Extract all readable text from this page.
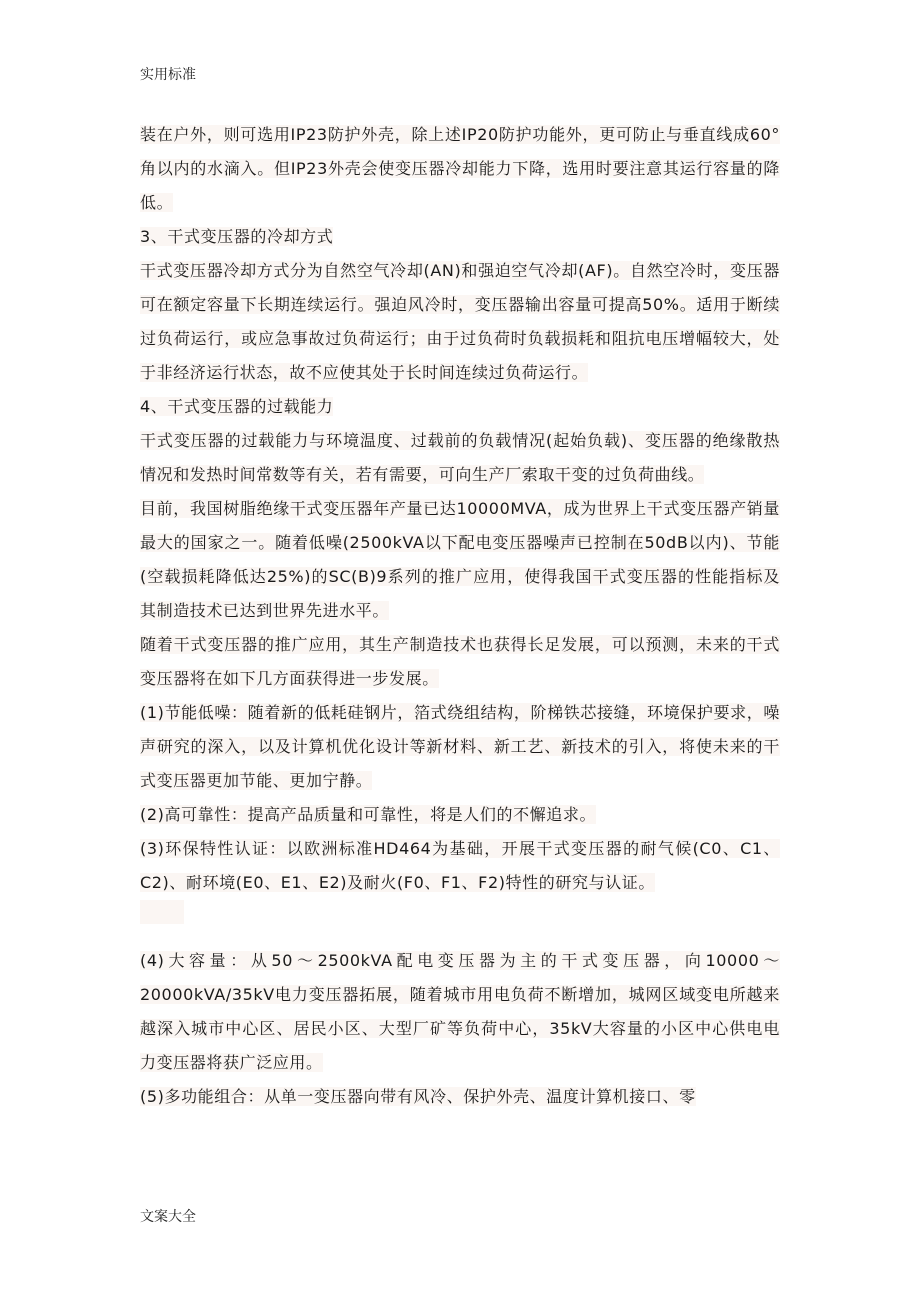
实用标准

装在户外，则可选用IP23防护外壳，除上述IP20防护功能外，更可防止与垂直线成60°角以内的水滴入。但IP23外壳会使变压器冷却能力下降，选用时要注意其运行容量的降低。

3、干式变压器的冷却方式

干式变压器冷却方式分为自然空气冷却(AN)和强迫空气冷却(AF)。自然空冷时，变压器可在额定容量下长期连续运行。强迫风冷时，变压器输出容量可提高50%。适用于断续过负荷运行，或应急事故过负荷运行；由于过负荷时负载损耗和阻抗电压增幅较大，处于非经济运行状态，故不应使其处于长时间连续过负荷运行。

4、干式变压器的过载能力

干式变压器的过载能力与环境温度、过载前的负载情况(起始负载)、变压器的绝缘散热情况和发热时间常数等有关，若有需要，可向生产厂索取干变的过负荷曲线。

目前，我国树脂绝缘干式变压器年产量已达10000MVA，成为世界上干式变压器产销量最大的国家之一。随着低噪(2500kVA以下配电变压器噪声已控制在50dB以内)、节能(空载损耗降低达25%)的SC(B)9系列的推广应用，使得我国干式变压器的性能指标及其制造技术已达到世界先进水平。

随着干式变压器的推广应用，其生产制造技术也获得长足发展，可以预测，未来的干式变压器将在如下几方面获得进一步发展。

(1)节能低噪：随着新的低耗硅钢片，箔式绕组结构，阶梯铁芯接缝，环境保护要求，噪声研究的深入，以及计算机优化设计等新材料、新工艺、新技术的引入，将使未来的干式变压器更加节能、更加宁静。

(2)高可靠性：提高产品质量和可靠性，将是人们的不懈追求。

(3)环保特性认证：以欧洲标准HD464为基础，开展干式变压器的耐气候(C0、C1、C2)、耐环境(E0、E1、E2)及耐火(F0、F1、F2)特性的研究与认证。

(4)大容量：从50～2500kVA配电变压器为主的干式变压器，向10000～20000kVA/35kV电力变压器拓展，随着城市用电负荷不断增加，城网区域变电所越来越深入城市中心区、居民小区、大型厂矿等负荷中心，35kV大容量的小区中心供电电力变压器将获广泛应用。

(5)多功能组合：从单一变压器向带有风冷、保护外壳、温度计算机接口、零

文案大全
